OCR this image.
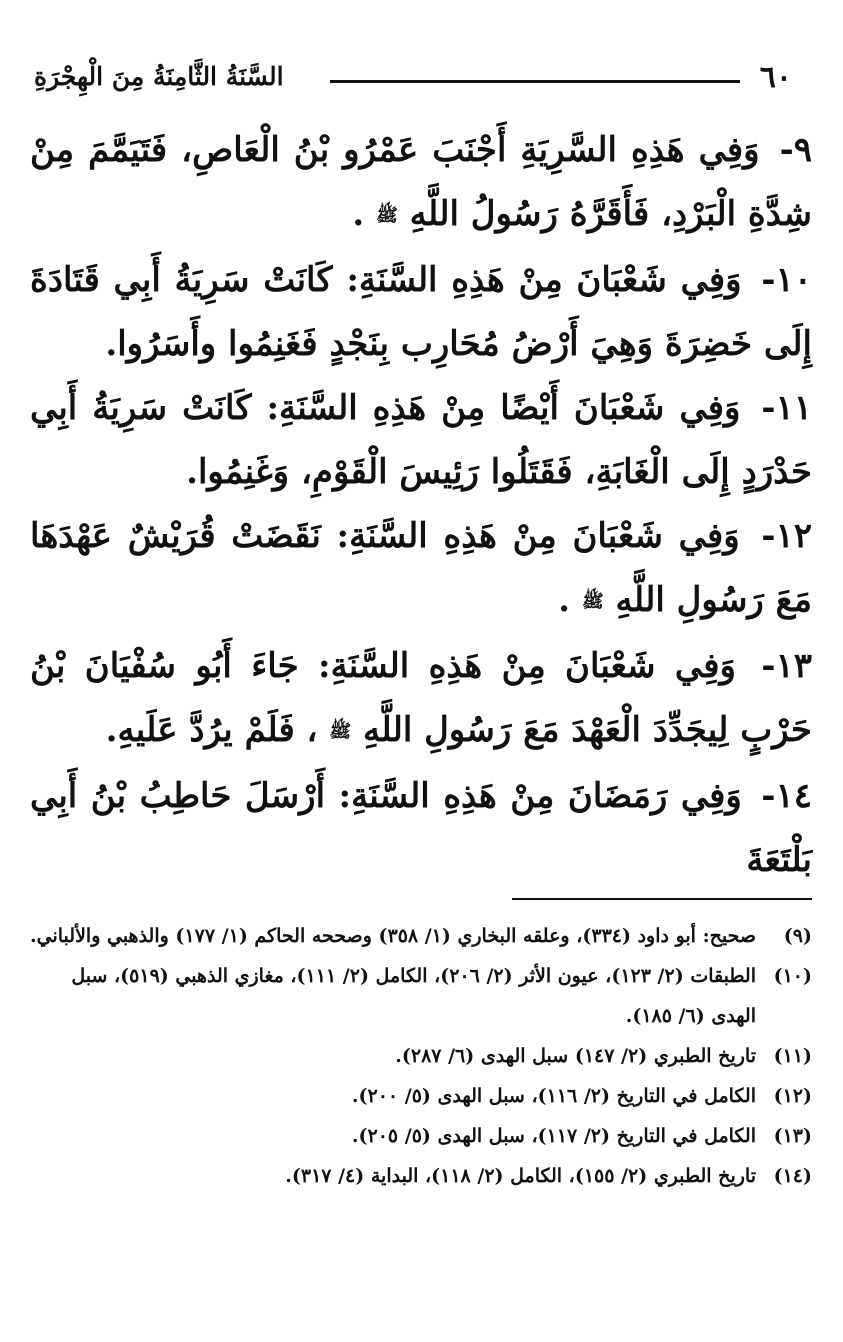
٦٠
السَّنَةُ الثَّامِنَةُ مِنَ الْهِجْرَةِ

٩- وَفِي هَذِهِ السَّرِيَةِ أَجْنَبَ عَمْرُو بْنُ الْعَاصِ، فَتَيَمَّمَ مِنْ شِدَّةِ الْبَرْدِ، فَأَقَرَّهُ رَسُولُ اللَّهِ ﷺ .

١٠- وَفِي شَعْبَانَ مِنْ هَذِهِ السَّنَةِ: كَانَتْ سَرِيَةُ أَبِي قَتَادَةَ إِلَى خَضِرَةَ وَهِيَ أَرْضُ مُحَارِب بِنَجْدٍ فَغَنِمُوا وأَسَرُوا.

١١- وَفِي شَعْبَانَ أَيْضًا مِنْ هَذِهِ السَّنَةِ: كَانَتْ سَرِيَةُ أَبِي حَدْرَدٍ إِلَى الْغَابَةِ، فَقَتَلُوا رَئِيسَ الْقَوْمِ، وَغَنِمُوا.

١٢- وَفِي شَعْبَانَ مِنْ هَذِهِ السَّنَةِ: نَقَضَتْ قُرَيْشٌ عَهْدَهَا مَعَ رَسُولِ اللَّهِ ﷺ .

١٣- وَفِي شَعْبَانَ مِنْ هَذِهِ السَّنَةِ: جَاءَ أَبُو سُفْيَانَ بْنُ حَرْبٍ لِيجَدِّدَ الْعَهْدَ مَعَ رَسُولِ اللَّهِ ﷺ ، فَلَمْ يرُدَّ عَلَيهِ.

١٤- وَفِي رَمَضَانَ مِنْ هَذِهِ السَّنَةِ: أَرْسَلَ حَاطِبُ بْنُ أَبِي بَلْتَعَةَ

(٩)صحيح: أبو داود (٣٣٤)، وعلقه البخاري (١/ ٣٥٨) وصححه الحاكم (١/ ١٧٧) والذهبي والألباني.

(١٠)الطبقات (٢/ ١٢٣)، عيون الأثر (٢/ ٢٠٦)، الكامل (٢/ ١١١)، مغازي الذهبي (٥١٩)، سبل الهدى (٦/ ١٨٥).

(١١)تاريخ الطبري (٢/ ١٤٧) سبل الهدى (٦/ ٢٨٧).

(١٢)الكامل في التاريخ (٢/ ١١٦)، سبل الهدى (٥/ ٢٠٠).

(١٣)الكامل في التاريخ (٢/ ١١٧)، سبل الهدى (٥/ ٢٠٥).

(١٤)تاريخ الطبري (٢/ ١٥٥)، الكامل (٢/ ١١٨)، البداية (٤/ ٣١٧).
